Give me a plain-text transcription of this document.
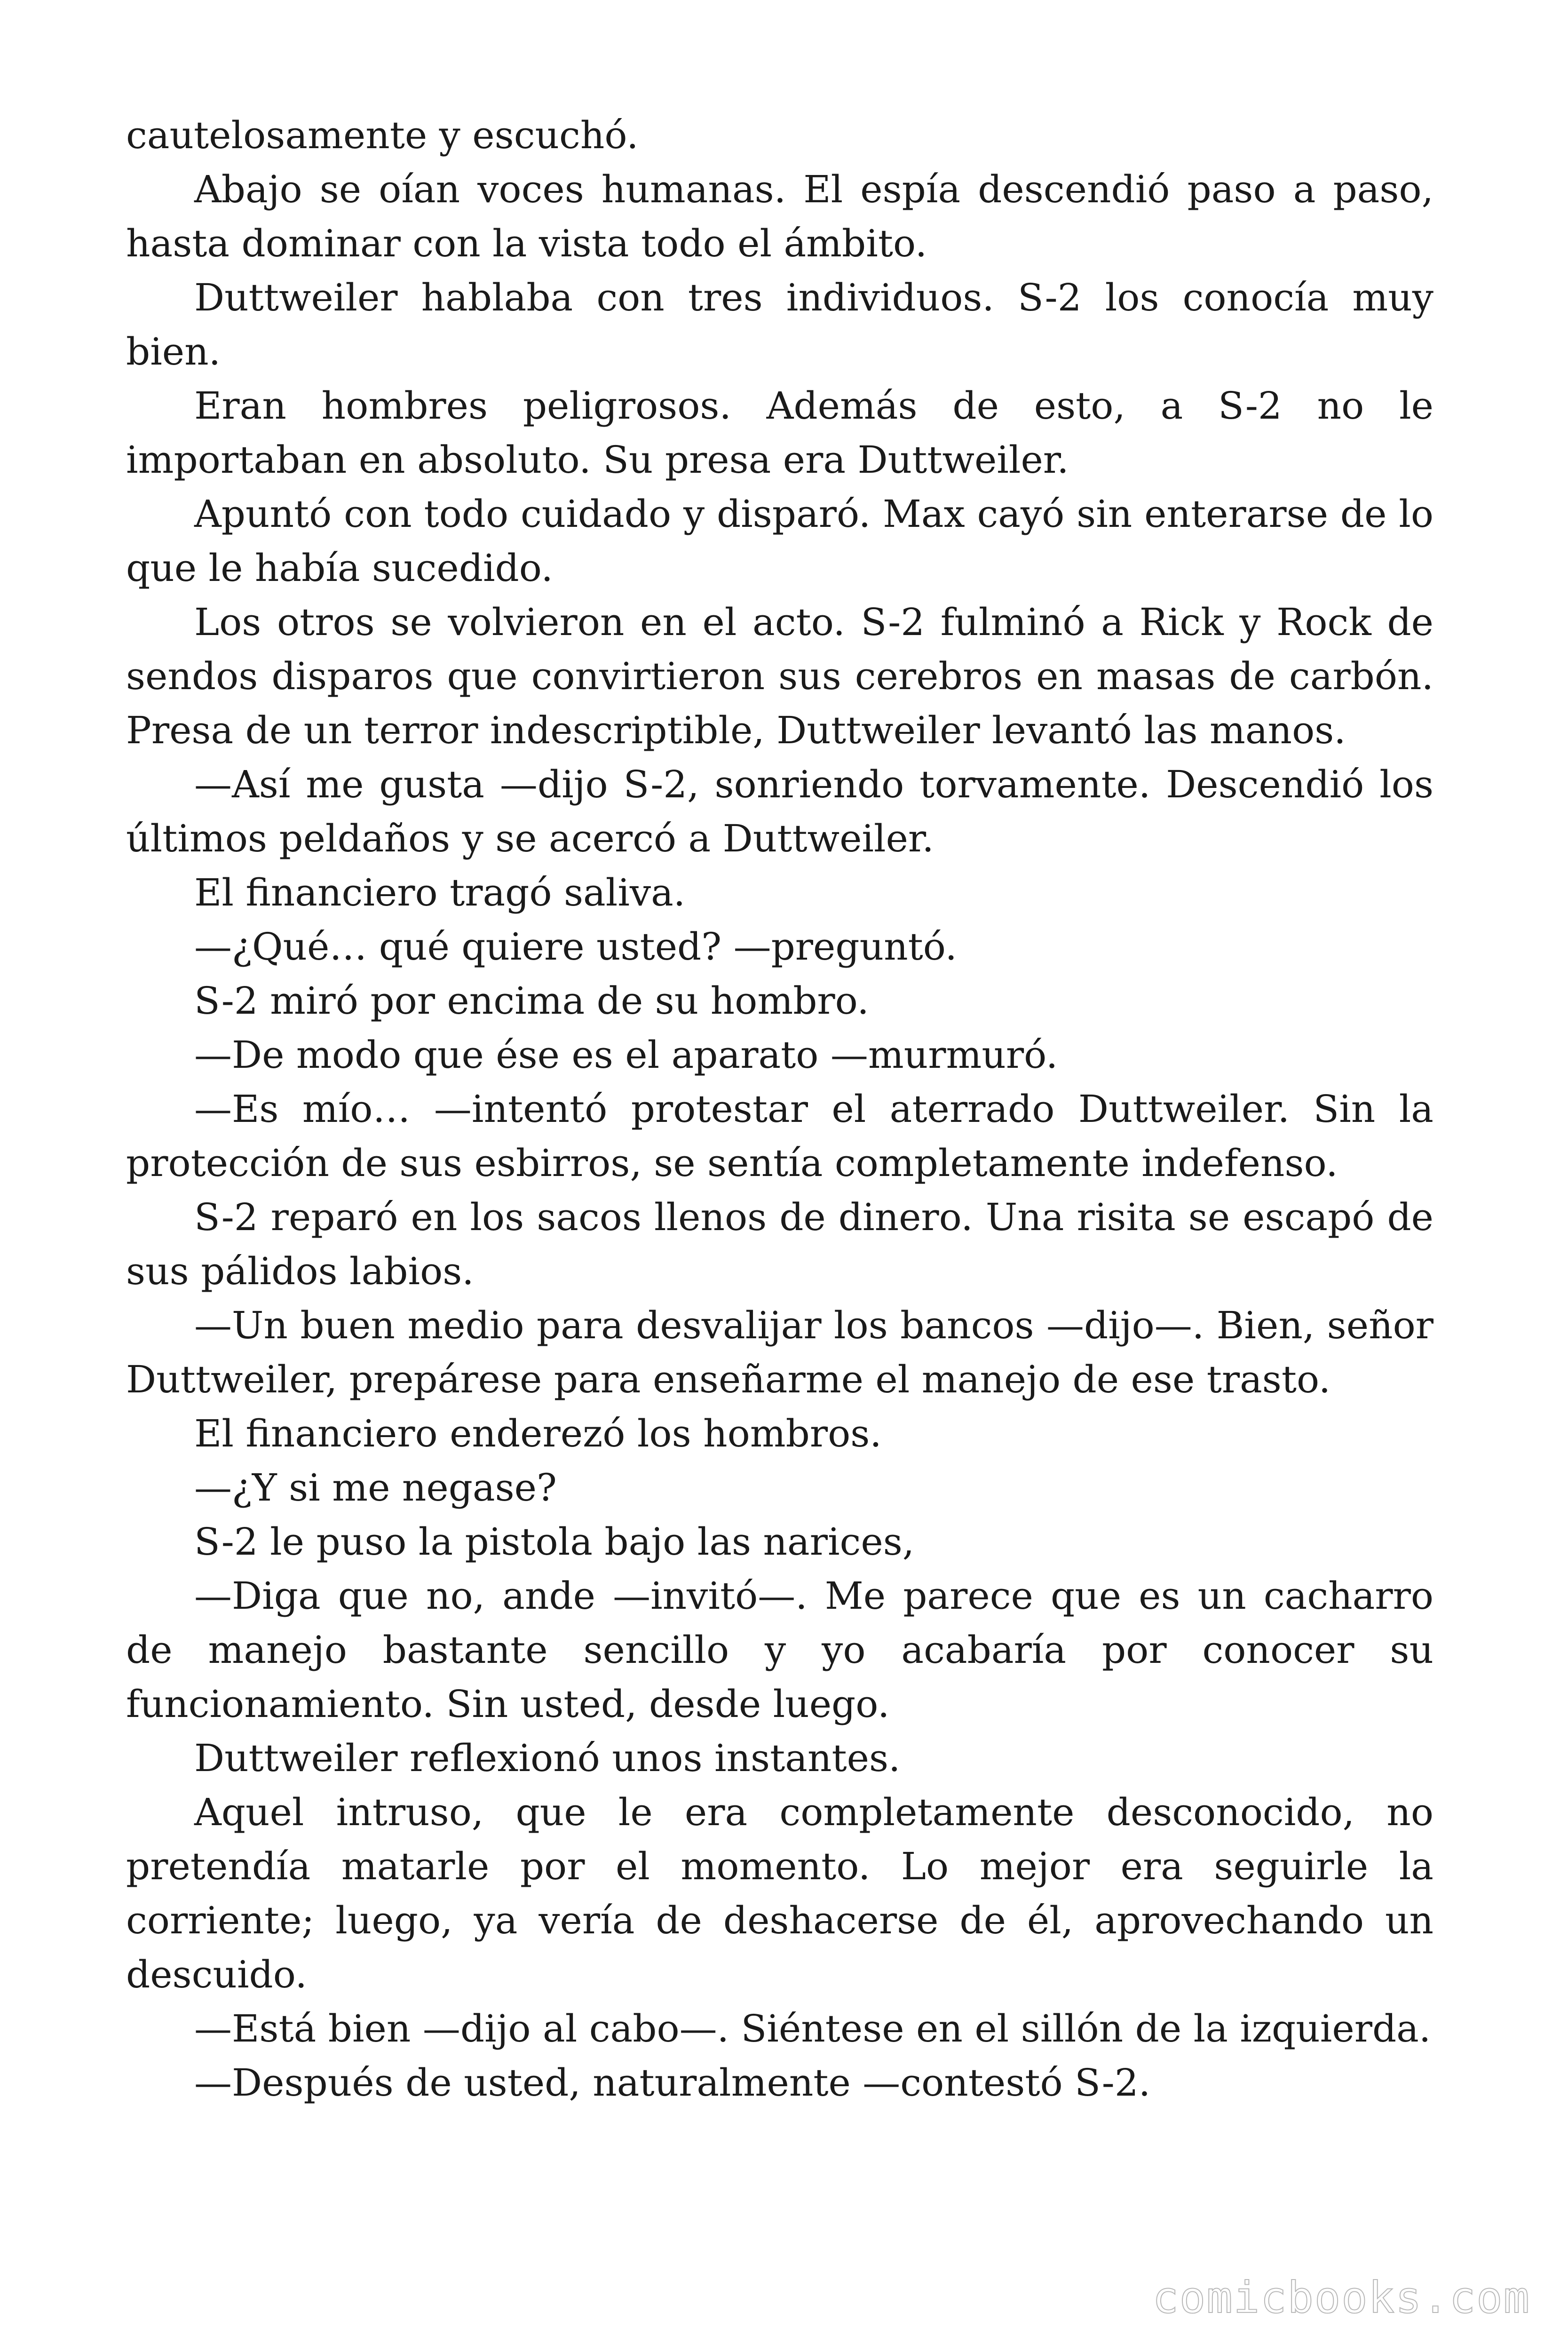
cautelosamente y escuchó.

Abajo se oían voces humanas. El espía descendió paso a paso, hasta dominar con la vista todo el ámbito.

Duttweiler hablaba con tres individuos. S-2 los conocía muy bien.

Eran hombres peligrosos. Además de esto, a S-2 no le importaban en absoluto. Su presa era Duttweiler.

Apuntó con todo cuidado y disparó. Max cayó sin enterarse de lo que le había sucedido.

Los otros se volvieron en el acto. S-2 fulminó a Rick y Rock de sendos disparos que convirtieron sus cerebros en masas de carbón. Presa de un terror indescriptible, Duttweiler levantó las manos.

—Así me gusta —dijo S-2, sonriendo torvamente. Descendió los últimos peldaños y se acercó a Duttweiler.

El financiero tragó saliva.

—¿Qué… qué quiere usted? —preguntó.

S-2 miró por encima de su hombro.

—De modo que ése es el aparato —murmuró.

—Es mío… —intentó protestar el aterrado Duttweiler. Sin la protección de sus esbirros, se sentía completamente indefenso.

S-2 reparó en los sacos llenos de dinero. Una risita se escapó de sus pálidos labios.

—Un buen medio para desvalijar los bancos —dijo—. Bien, señor Duttweiler, prepárese para enseñarme el manejo de ese trasto.

El financiero enderezó los hombros.

—¿Y si me negase?

S-2 le puso la pistola bajo las narices,

—Diga que no, ande —invitó—. Me parece que es un cacharro de manejo bastante sencillo y yo acabaría por conocer su funcionamiento. Sin usted, desde luego.

Duttweiler reflexionó unos instantes.

Aquel intruso, que le era completamente desconocido, no pretendía matarle por el momento. Lo mejor era seguirle la corriente; luego, ya vería de deshacerse de él, aprovechando un descuido.

—Está bien —dijo al cabo—. Siéntese en el sillón de la izquierda.

—Después de usted, naturalmente —contestó S-2.

comicbooks.com
